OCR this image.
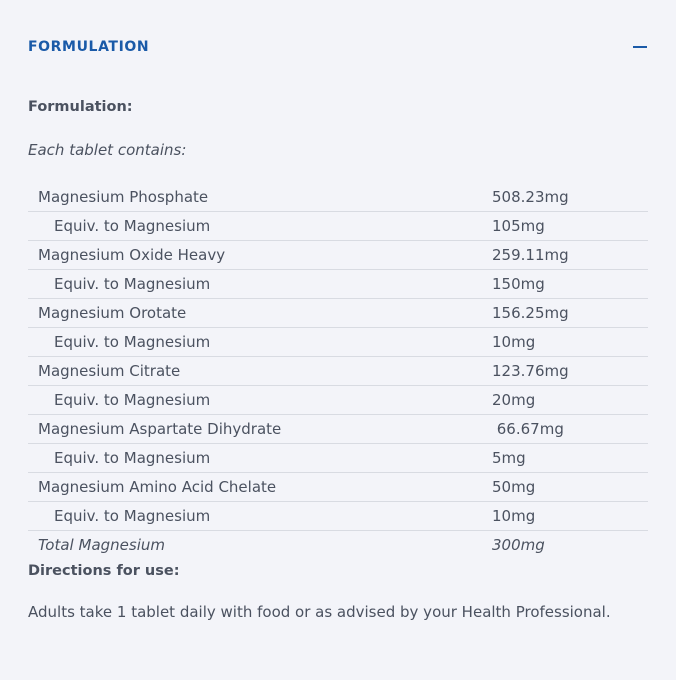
FORMULATION
Formulation:
Each tablet contains:
Magnesium Phosphate	508.23mg
Equiv. to Magnesium	105mg
Magnesium Oxide Heavy	259.11mg
Equiv. to Magnesium	150mg
Magnesium Orotate	156.25mg
Equiv. to Magnesium	10mg
Magnesium Citrate	123.76mg
Equiv. to Magnesium	20mg
Magnesium Aspartate Dihydrate	66.67mg
Equiv. to Magnesium	5mg
Magnesium Amino Acid Chelate	50mg
Equiv. to Magnesium	10mg
Total Magnesium	300mg
Directions for use:
Adults take 1 tablet daily with food or as advised by your Health Professional.
